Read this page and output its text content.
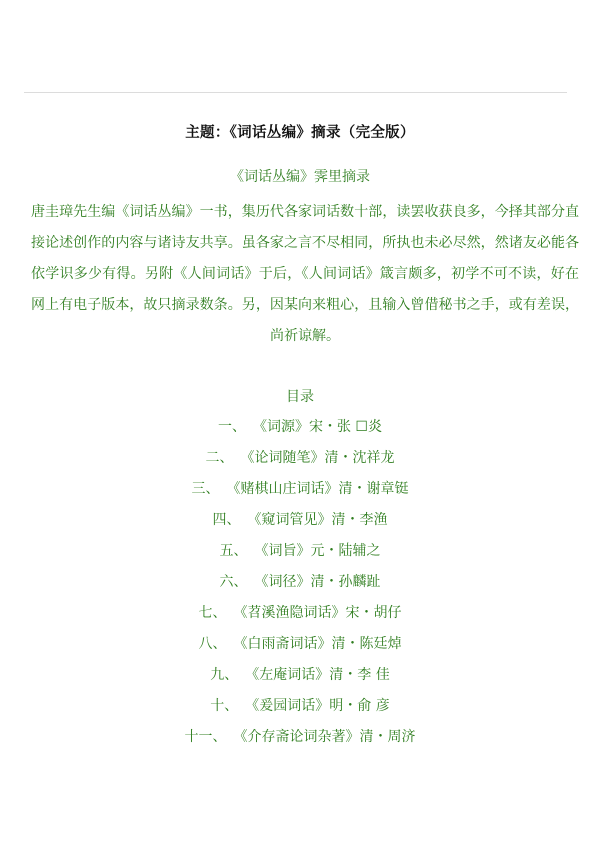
主题：《词话丛编》摘录（完全版）
《词话丛编》霁里摘录
唐圭璋先生编《词话丛编》一书，集历代各家词话数十部，读罢收获良多，今择其部分直
接论述创作的内容与诸诗友共享。虽各家之言不尽相同，所执也未必尽然，然诸友必能各
依学识多少有得。另附《人间词话》于后，《人间词话》箴言颇多，初学不可不读，好在
网上有电子版本，故只摘录数条。另，因某向来粗心，且输入曾借秘书之手，或有差误，
尚祈谅解。
目录
一、 《词源》宋・张 ☐炎
二、 《论词随笔》清・沈祥龙
三、 《赌棋山庄词话》清・谢章铤
四、 《窥词管见》清・李渔
五、 《词旨》元・陆辅之
六、 《词径》清・孙麟趾
七、 《苕溪渔隐词话》宋・胡仔
八、 《白雨斋词话》清・陈廷焯
九、 《左庵词话》清・李 佳
十、 《爰园词话》明・俞 彦
十一、 《介存斋论词杂著》清・周济
